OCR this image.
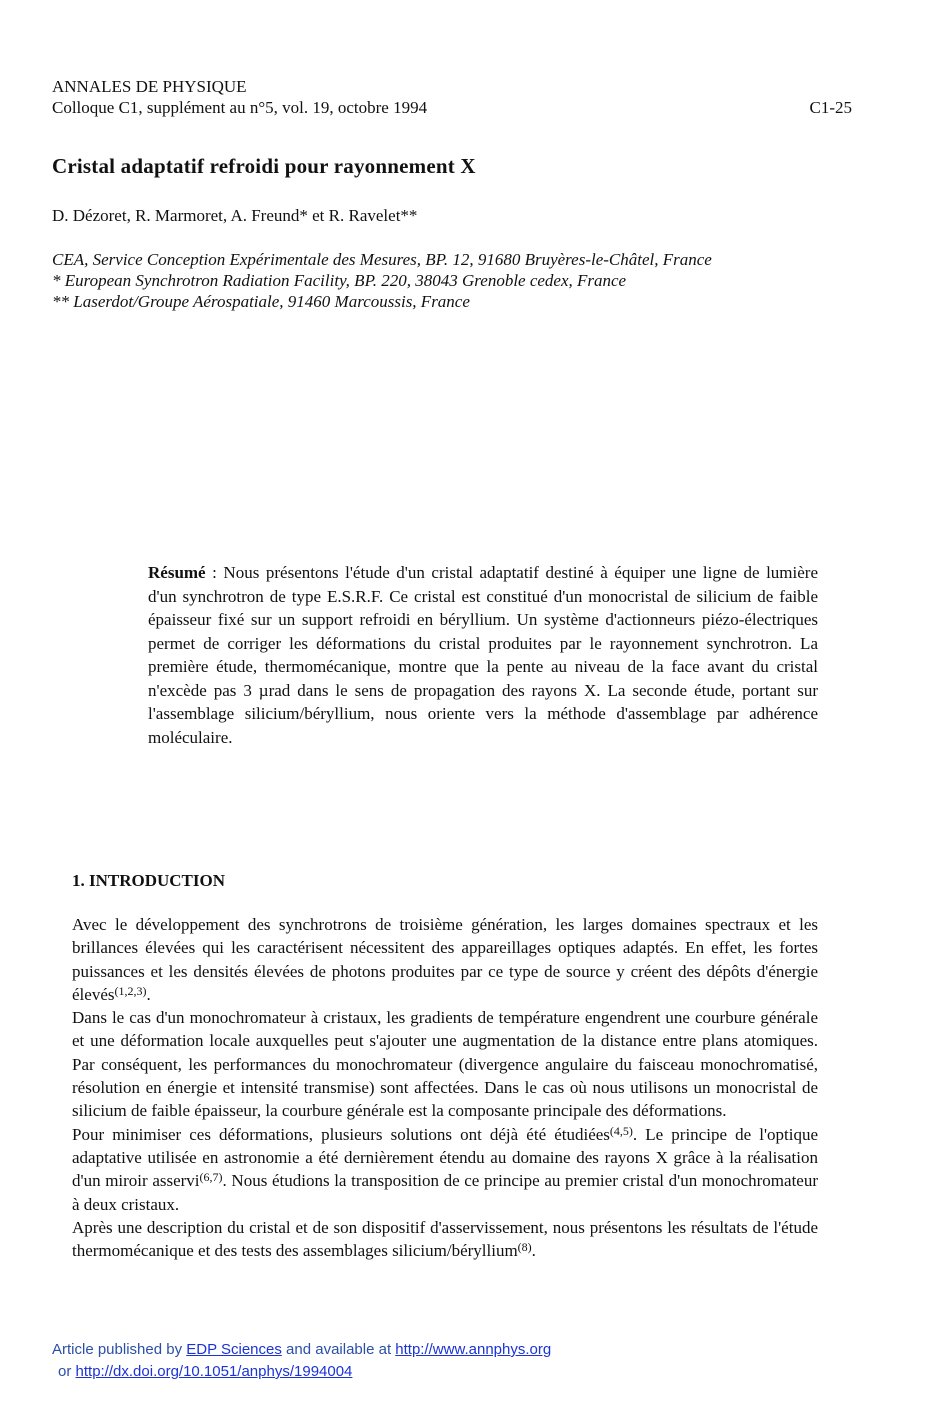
ANNALES DE PHYSIQUE
Colloque C1, supplément au n°5, vol. 19, octobre 1994	C1-25
Cristal adaptatif refroidi pour rayonnement X
D. Dézoret, R. Marmoret, A. Freund* et R. Ravelet**
CEA, Service Conception Expérimentale des Mesures, BP. 12, 91680 Bruyères-le-Châtel, France
* European Synchrotron Radiation Facility, BP. 220, 38043 Grenoble cedex, France
** Laserdot/Groupe Aérospatiale, 91460 Marcoussis, France

Résumé : Nous présentons l'étude d'un cristal adaptatif destiné à équiper une ligne de lumière d'un synchrotron de type E.S.R.F. Ce cristal est constitué d'un monocristal de silicium de faible épaisseur fixé sur un support refroidi en béryllium. Un système d'actionneurs piézo-électriques permet de corriger les déformations du cristal produites par le rayonnement synchrotron. La première étude, thermomécanique, montre que la pente au niveau de la face avant du cristal n'excède pas 3 µrad dans le sens de propagation des rayons X. La seconde étude, portant sur l'assemblage silicium/béryllium, nous oriente vers la méthode d'assemblage par adhérence moléculaire.

1. INTRODUCTION

Avec le développement des synchrotrons de troisième génération, les larges domaines spectraux et les brillances élevées qui les caractérisent nécessitent des appareillages optiques adaptés. En effet, les fortes puissances et les densités élevées de photons produites par ce type de source y créent des dépôts d'énergie élevés$^{(1,2,3)}$.

Dans le cas d'un monochromateur à cristaux, les gradients de température engendrent une courbure générale et une déformation locale auxquelles peut s'ajouter une augmentation de la distance entre plans atomiques. Par conséquent, les performances du monochromateur (divergence angulaire du faisceau monochromatisé, résolution en énergie et intensité transmise) sont affectées. Dans le cas où nous utilisons un monocristal de silicium de faible épaisseur, la courbure générale est la composante principale des déformations.

Pour minimiser ces déformations, plusieurs solutions ont déjà été étudiées$^{(4,5)}$. Le principe de l'optique adaptative utilisée en astronomie a été dernièrement étendu au domaine des rayons X grâce à la réalisation d'un miroir asservi$^{(6,7)}$. Nous étudions la transposition de ce principe au premier cristal d'un monochromateur à deux cristaux.

Après une description du cristal et de son dispositif d'asservissement, nous présentons les résultats de l'étude thermomécanique et des tests des assemblages silicium/béryllium$^{(8)}$.

Article published by EDP Sciences and available at http://www.annphys.org
or http://dx.doi.org/10.1051/anphys/1994004
